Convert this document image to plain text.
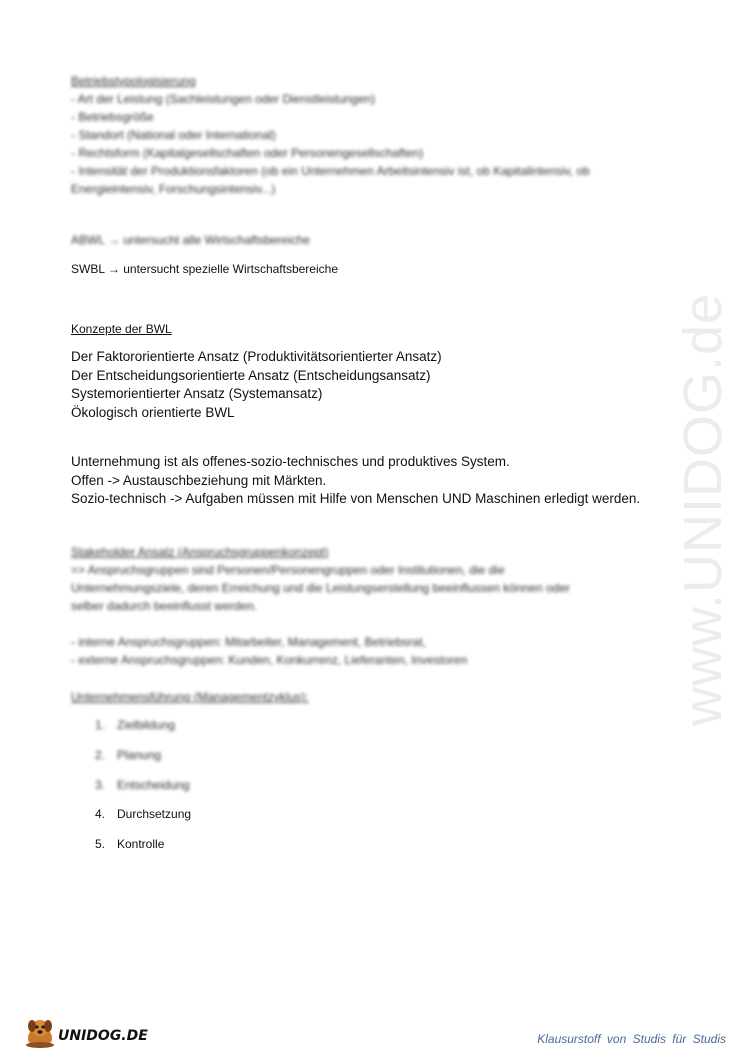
Betriebstypologisierung
- Art der Leistung (Sachleistungen oder Dienstleistungen)
- Betriebsgröße
- Standort (National oder International)
- Rechtsform (Kapitalgesellschaften oder Personengesellschaften)
- Intensität der Produktionsfaktoren (ob ein Unternehmen Arbeitsintensiv ist, ob Kapitalintensiv, ob
Energieintensiv, Forschungsintensiv...)
ABWL → untersucht alle Wirtschaftsbereiche
SWBL → untersucht spezielle Wirtschaftsbereiche
Konzepte der BWL
Der Faktororientierte Ansatz (Produktivitätsorientierter Ansatz)
Der Entscheidungsorientierte Ansatz (Entscheidungsansatz)
Systemorientierter Ansatz (Systemansatz)
Ökologisch orientierte BWL
Unternehmung ist als offenes-sozio-technisches und produktives System.
Offen -> Austauschbeziehung mit Märkten.
Sozio-technisch -> Aufgaben müssen mit Hilfe von Menschen UND Maschinen erledigt werden.
Stakeholder Ansatz (Anspruchsgruppenkonzept)
=> Anspruchsgruppen sind Personen/Personengruppen oder Institutionen, die die
Unternehmungsziele, deren Erreichung und die Leistungserstellung beeinflussen können oder
selber dadurch beeinflusst werden.
- interne Anspruchsgruppen: Mitarbeiter, Management, Betriebsrat,
- externe Anspruchsgruppen: Kunden, Konkurrenz, Lieferanten, Investoren
Unternehmensführung (Managementzyklus):
1. Zielbildung
2. Planung
3. Entscheidung
4. Durchsetzung
5. Kontrolle
www.UNIDOG.de
UNIDOG.DE	Klausurstoff von Studis für Studis
